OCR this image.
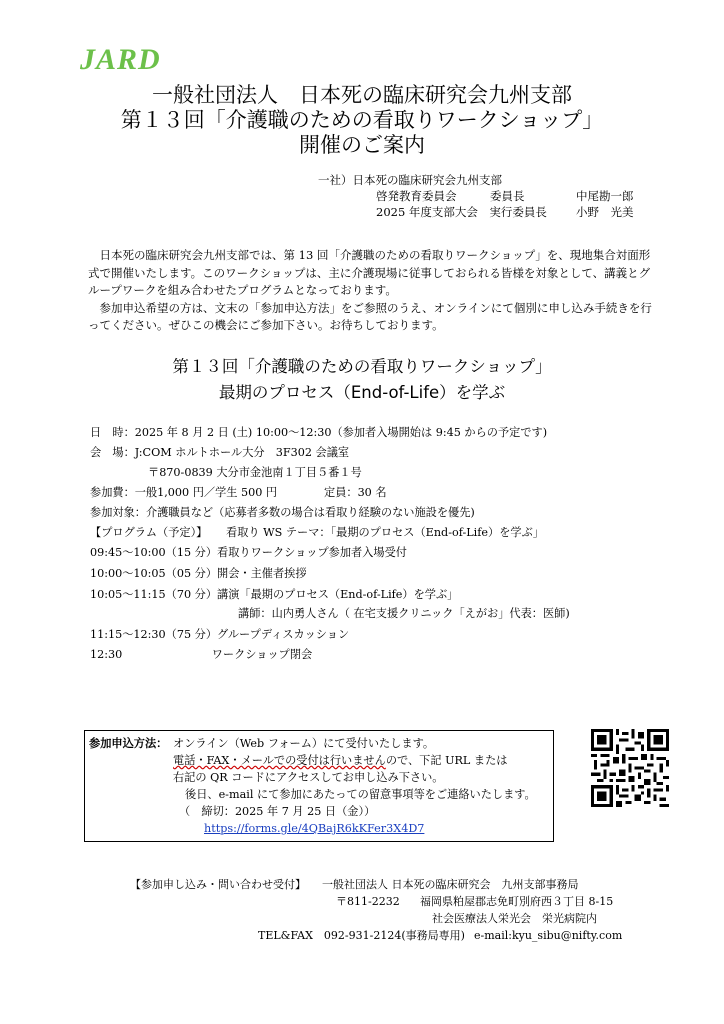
JARD
一般社団法人　日本死の臨床研究会九州支部
第１３回「介護職のための看取りワークショップ」
開催のご案内
一社）日本死の臨床研究会九州支部
啓発教育委員会	委員長	中尾勘一郎
2025 年度支部大会　実行委員長	小野　光美

日本死の臨床研究会九州支部では、第 13 回「介護職のための看取りワークショップ」を、現地集合対面形式で開催いたします。このワークショップは、主に介護現場に従事しておられる皆様を対象として、講義とグループワークを組み合わせたプログラムとなっております。

参加申込希望の方は、文末の「参加申込方法」をご参照のうえ、オンラインにて個別に申し込み手続きを行ってください。ぜひこの機会にご参加下さい。お待ちしております。

第１３回「介護職のための看取りワークショップ」
最期のプロセス（End-of-Life）を学ぶ
日　時：2025 年 8 月 2 日 (土) 10:00～12:30（参加者入場開始は 9:45 からの予定です)
会　場：J:COM ホルトホール大分　3F302 会議室
〒870-0839 大分市金池南１丁目５番１号
参加費：一般1,000 円／学生 500 円	定員：30 名
参加対象：介護職員など（応募者多数の場合は看取り経験のない施設を優先)
【プログラム（予定）】 看取り WS テーマ：「最期のプロセス（End-of-Life）を学ぶ」
09:45～10:00（15 分）看取りワークショップ参加者入場受付
10:00～10:05（05 分）開会・主催者挨拶
10:05～11:15（70 分）講演「最期のプロセス（End-of-Life）を学ぶ」
講師：山内勇人さん（ 在宅支援クリニック「えがお」代表：医師)
11:15～12:30（75 分）グループディスカッション
12:30　　　　　　　　ワークショップ閉会
参加申込方法： オンライン（Web フォーム）にて受付いたします。
電話・FAX・メールでの受付は行いませんので、下記 URL または
右記の QR コードにアクセスしてお申し込み下さい。
後日、e-mail にて参加にあたっての留意事項等をご連絡いたします。
（　締切：2025 年 7 月 25 日（金））
https://forms.gle/4QBajR6kKFer3X4D7
【参加申し込み・問い合わせ受付】 一般社団法人 日本死の臨床研究会　九州支部事務局
〒811-2232 福岡県粕屋郡志免町別府西３丁目 8-15
社会医療法人栄光会　栄光病院内
TEL&FAX　092-931-2124(事務局専用) e-mail:kyu_sibu@nifty.com
